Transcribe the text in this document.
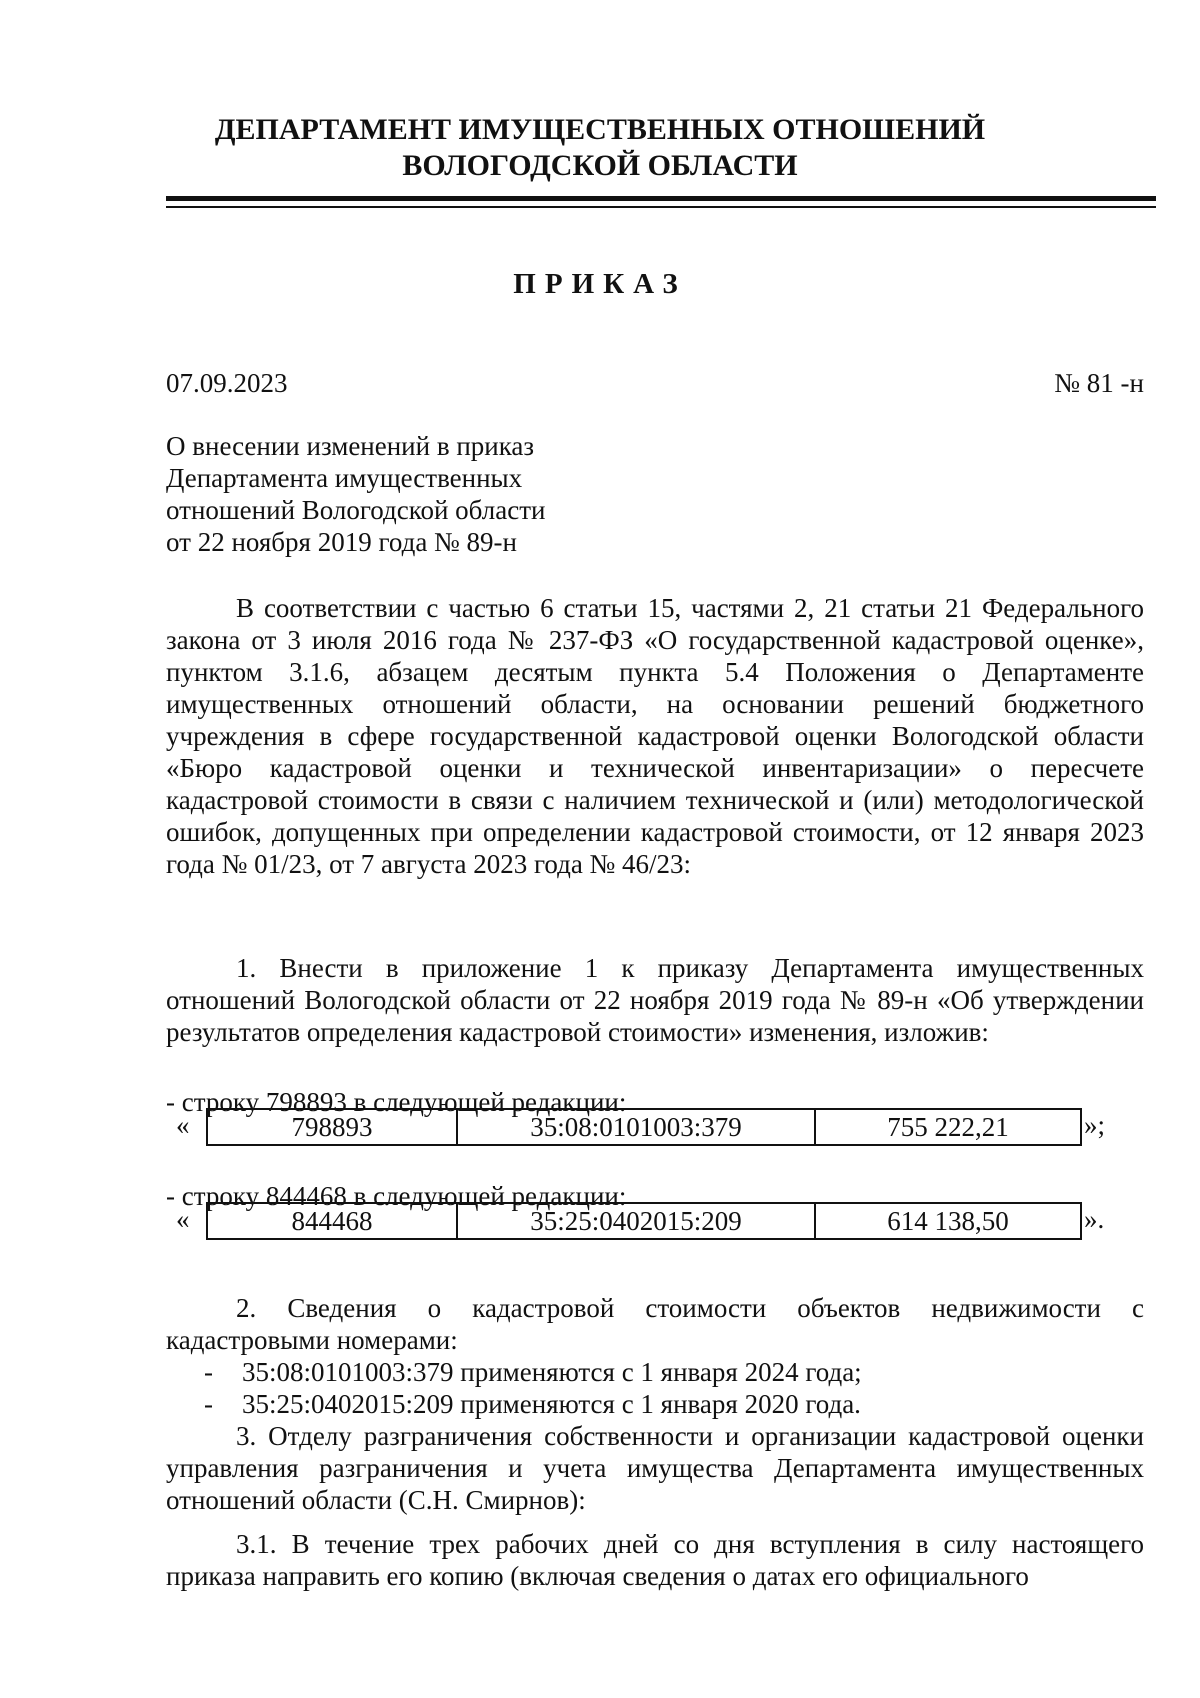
ДЕПАРТАМЕНТ ИМУЩЕСТВЕННЫХ ОТНОШЕНИЙ
ВОЛОГОДСКОЙ ОБЛАСТИ
ПРИКАЗ
07.09.2023	№ 81 -н
О внесении изменений в приказ
Департамента имущественных
отношений Вологодской области
от 22 ноября 2019 года № 89-н

В соответствии с частью 6 статьи 15, частями 2, 21 статьи 21 Федерального закона от 3 июля 2016 года № 237-ФЗ «О государственной кадастровой оценке», пунктом 3.1.6, абзацем десятым пункта 5.4 Положения о Департаменте имущественных отношений области, на основании решений бюджетного учреждения в сфере государственной кадастровой оценки Вологодской области «Бюро кадастровой оценки и технической инвентаризации» о пересчете кадастровой стоимости в связи с наличием технической и (или) методологической ошибок, допущенных при определении кадастровой стоимости, от 12 января 2023 года № 01/23, от 7 августа 2023 года № 46/23:

1. Внести в приложение 1 к приказу Департамента имущественных отношений Вологодской области от 22 ноября 2019 года № 89-н «Об утверждении результатов определения кадастровой стоимости» изменения, изложив:

- строку 798893 в следующей редакции:
«	798893	35:08:0101003:379	755 222,21	»;
- строку 844468 в следующей редакции:
«	844468	35:25:0402015:209	614 138,50	».

2. Сведения о кадастровой стоимости объектов недвижимости с кадастровыми номерами:

- 35:08:0101003:379 применяются с 1 января 2024 года;
- 35:25:0402015:209 применяются с 1 января 2020 года.

3. Отделу разграничения собственности и организации кадастровой оценки управления разграничения и учета имущества Департамента имущественных отношений области (С.Н. Смирнов):

3.1. В течение трех рабочих дней со дня вступления в силу настоящего приказа направить его копию (включая сведения о датах его официального
